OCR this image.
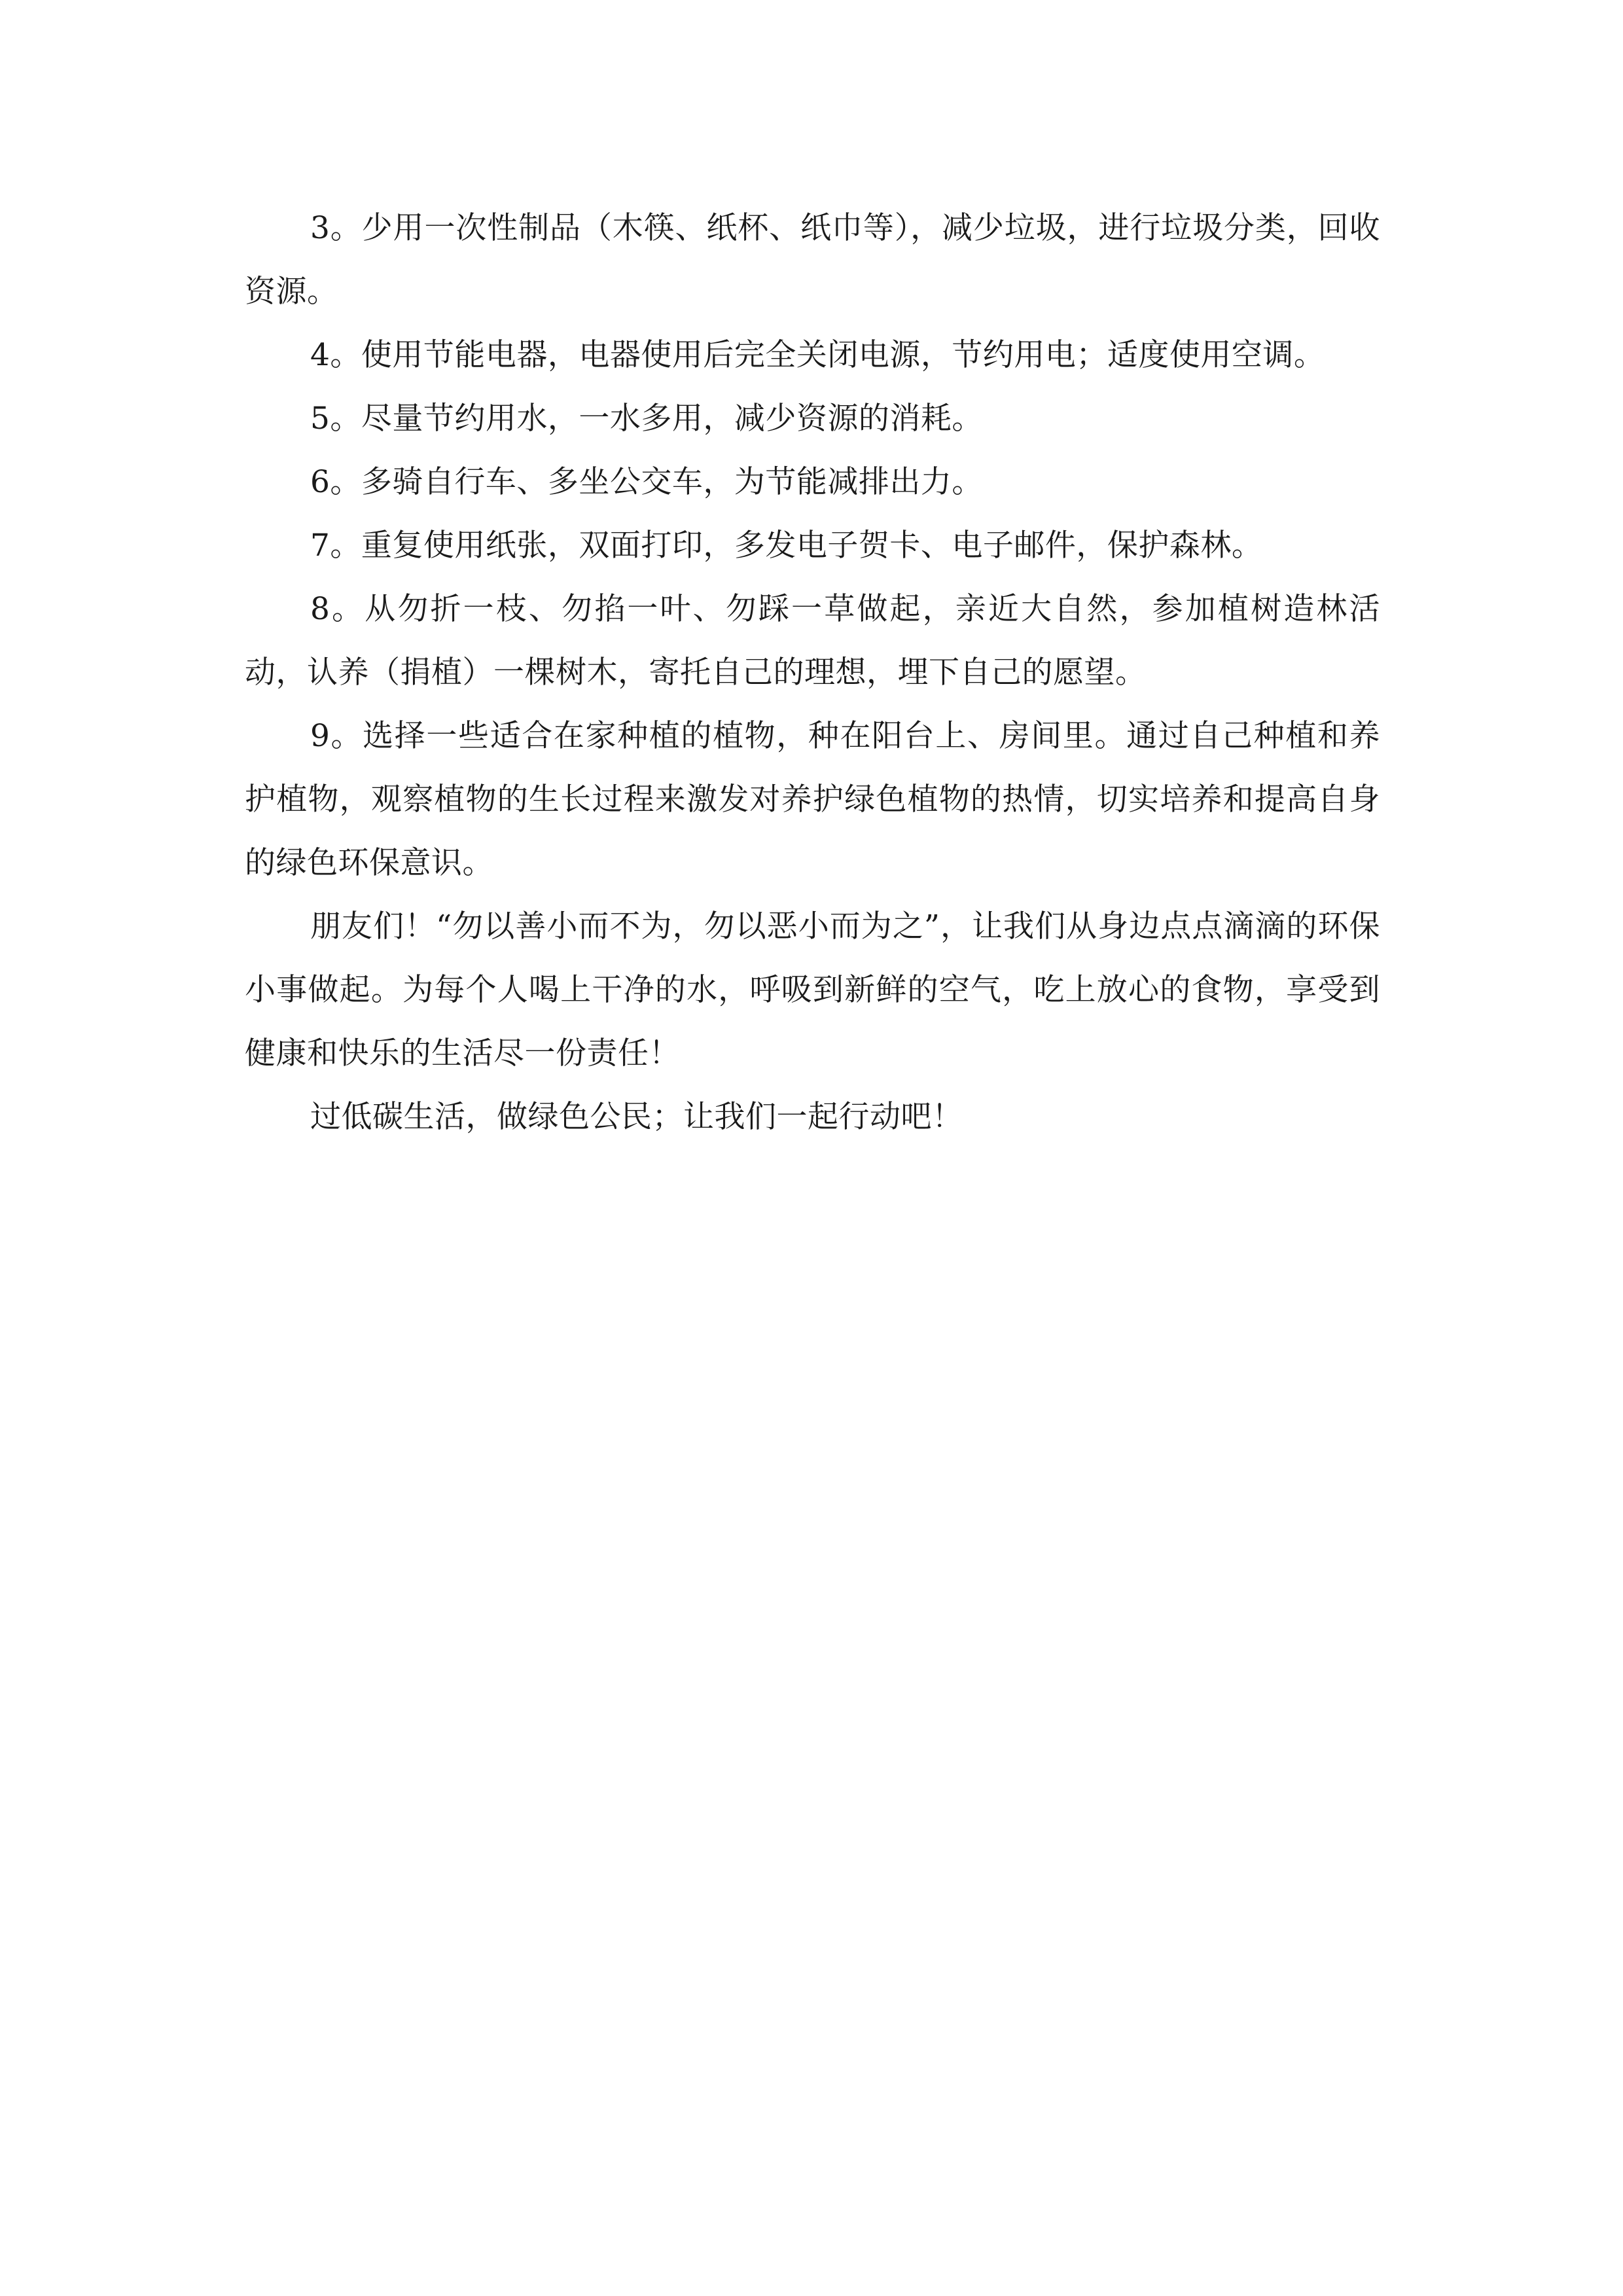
3。少用一次性制品（木筷、纸杯、纸巾等），减少垃圾，进行垃圾分类，回收资源。

4。使用节能电器，电器使用后完全关闭电源，节约用电；适度使用空调。

5。尽量节约用水，一水多用，减少资源的消耗。

6。多骑自行车、多坐公交车，为节能减排出力。

7。重复使用纸张，双面打印，多发电子贺卡、电子邮件，保护森林。

8。从勿折一枝、勿掐一叶、勿踩一草做起，亲近大自然，参加植树造林活动，认养（捐植）一棵树木，寄托自己的理想，埋下自己的愿望。

9。选择一些适合在家种植的植物，种在阳台上、房间里。通过自己种植和养护植物，观察植物的生长过程来激发对养护绿色植物的热情，切实培养和提高自身的绿色环保意识。

朋友们！“勿以善小而不为，勿以恶小而为之”，让我们从身边点点滴滴的环保小事做起。为每个人喝上干净的水，呼吸到新鲜的空气，吃上放心的食物，享受到健康和快乐的生活尽一份责任！

过低碳生活，做绿色公民；让我们一起行动吧！
